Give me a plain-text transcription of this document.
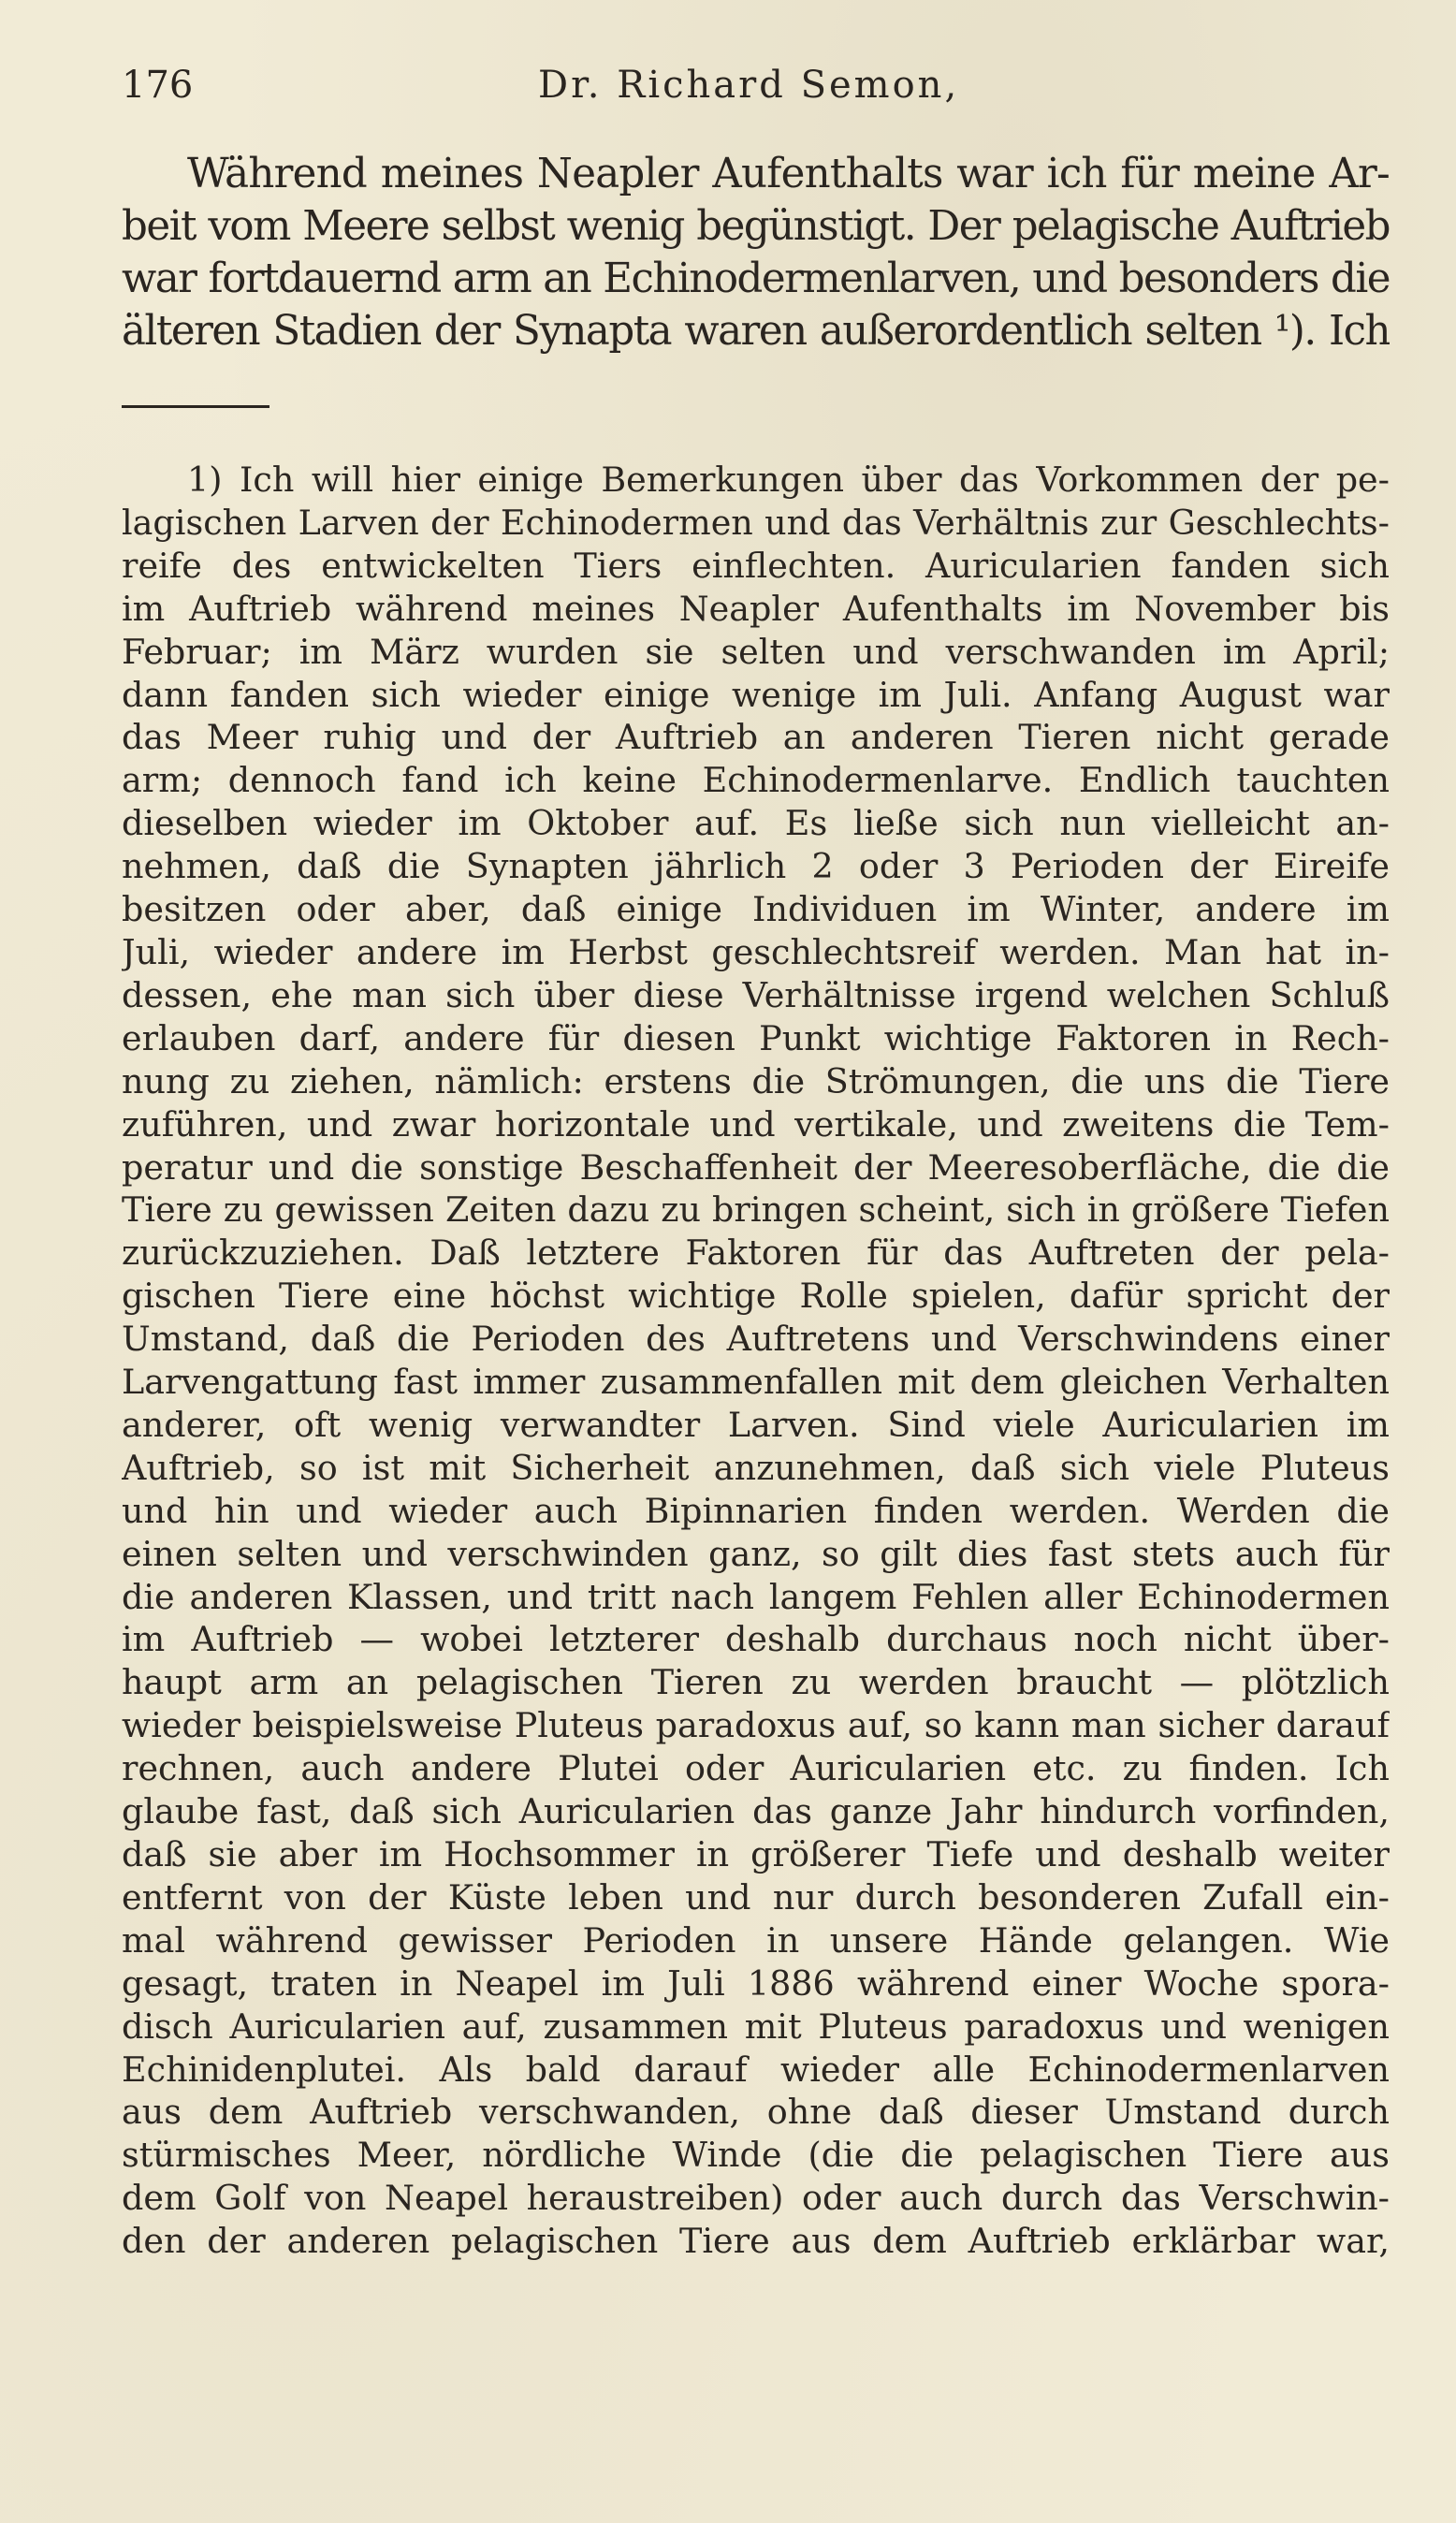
176	Dr. Richard Semon,
Während meines Neapler Aufenthalts war ich für meine Ar-
beit vom Meere selbst wenig begünstigt. Der pelagische Auftrieb
war fortdauernd arm an Echinodermenlarven, und besonders die
älteren Stadien der Synapta waren außerordentlich selten ¹). Ich
1) Ich will hier einige Bemerkungen über das Vorkommen der pe-
lagischen Larven der Echinodermen und das Verhältnis zur Geschlechts-
reife des entwickelten Tiers einflechten. Auricularien fanden sich
im Auftrieb während meines Neapler Aufenthalts im November bis
Februar; im März wurden sie selten und verschwanden im April;
dann fanden sich wieder einige wenige im Juli. Anfang August war
das Meer ruhig und der Auftrieb an anderen Tieren nicht gerade
arm; dennoch fand ich keine Echinodermenlarve. Endlich tauchten
dieselben wieder im Oktober auf. Es ließe sich nun vielleicht an-
nehmen, daß die Synapten jährlich 2 oder 3 Perioden der Eireife
besitzen oder aber, daß einige Individuen im Winter, andere im
Juli, wieder andere im Herbst geschlechtsreif werden. Man hat in-
dessen, ehe man sich über diese Verhältnisse irgend welchen Schluß
erlauben darf, andere für diesen Punkt wichtige Faktoren in Rech-
nung zu ziehen, nämlich: erstens die Strömungen, die uns die Tiere
zuführen, und zwar horizontale und vertikale, und zweitens die Tem-
peratur und die sonstige Beschaffenheit der Meeresoberfläche, die die
Tiere zu gewissen Zeiten dazu zu bringen scheint, sich in größere Tiefen
zurückzuziehen. Daß letztere Faktoren für das Auftreten der pela-
gischen Tiere eine höchst wichtige Rolle spielen, dafür spricht der
Umstand, daß die Perioden des Auftretens und Verschwindens einer
Larvengattung fast immer zusammenfallen mit dem gleichen Verhalten
anderer, oft wenig verwandter Larven. Sind viele Auricularien im
Auftrieb, so ist mit Sicherheit anzunehmen, daß sich viele Pluteus
und hin und wieder auch Bipinnarien finden werden. Werden die
einen selten und verschwinden ganz, so gilt dies fast stets auch für
die anderen Klassen, und tritt nach langem Fehlen aller Echinodermen
im Auftrieb — wobei letzterer deshalb durchaus noch nicht über-
haupt arm an pelagischen Tieren zu werden braucht — plötzlich
wieder beispielsweise Pluteus paradoxus auf, so kann man sicher darauf
rechnen, auch andere Plutei oder Auricularien etc. zu finden. Ich
glaube fast, daß sich Auricularien das ganze Jahr hindurch vorfinden,
daß sie aber im Hochsommer in größerer Tiefe und deshalb weiter
entfernt von der Küste leben und nur durch besonderen Zufall ein-
mal während gewisser Perioden in unsere Hände gelangen. Wie
gesagt, traten in Neapel im Juli 1886 während einer Woche spora-
disch Auricularien auf, zusammen mit Pluteus paradoxus und wenigen
Echinidenplutei. Als bald darauf wieder alle Echinodermenlarven
aus dem Auftrieb verschwanden, ohne daß dieser Umstand durch
stürmisches Meer, nördliche Winde (die die pelagischen Tiere aus
dem Golf von Neapel heraustreiben) oder auch durch das Verschwin-
den der anderen pelagischen Tiere aus dem Auftrieb erklärbar war,
